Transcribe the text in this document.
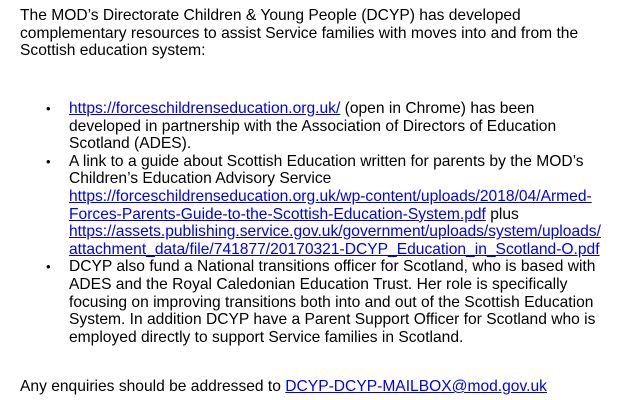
The MOD’s Directorate Children & Young People (DCYP) has developed
complementary resources to assist Service families with moves into and from the
Scottish education system:

• https://forceschildrenseducation.org.uk/ (open in Chrome) has been
developed in partnership with the Association of Directors of Education
Scotland (ADES).
• A link to a guide about Scottish Education written for parents by the MOD’s
Children’s Education Advisory Service
https://forceschildrenseducation.org.uk/wp-content/uploads/2018/04/Armed-
Forces-Parents-Guide-to-the-Scottish-Education-System.pdf plus
https://assets.publishing.service.gov.uk/government/uploads/system/uploads/
attachment_data/file/741877/20170321-DCYP_Education_in_Scotland-O.pdf
• DCYP also fund a National transitions officer for Scotland, who is based with
ADES and the Royal Caledonian Education Trust. Her role is specifically
focusing on improving transitions both into and out of the Scottish Education
System. In addition DCYP have a Parent Support Officer for Scotland who is
employed directly to support Service families in Scotland.

Any enquiries should be addressed to DCYP-DCYP-MAILBOX@mod.gov.uk
